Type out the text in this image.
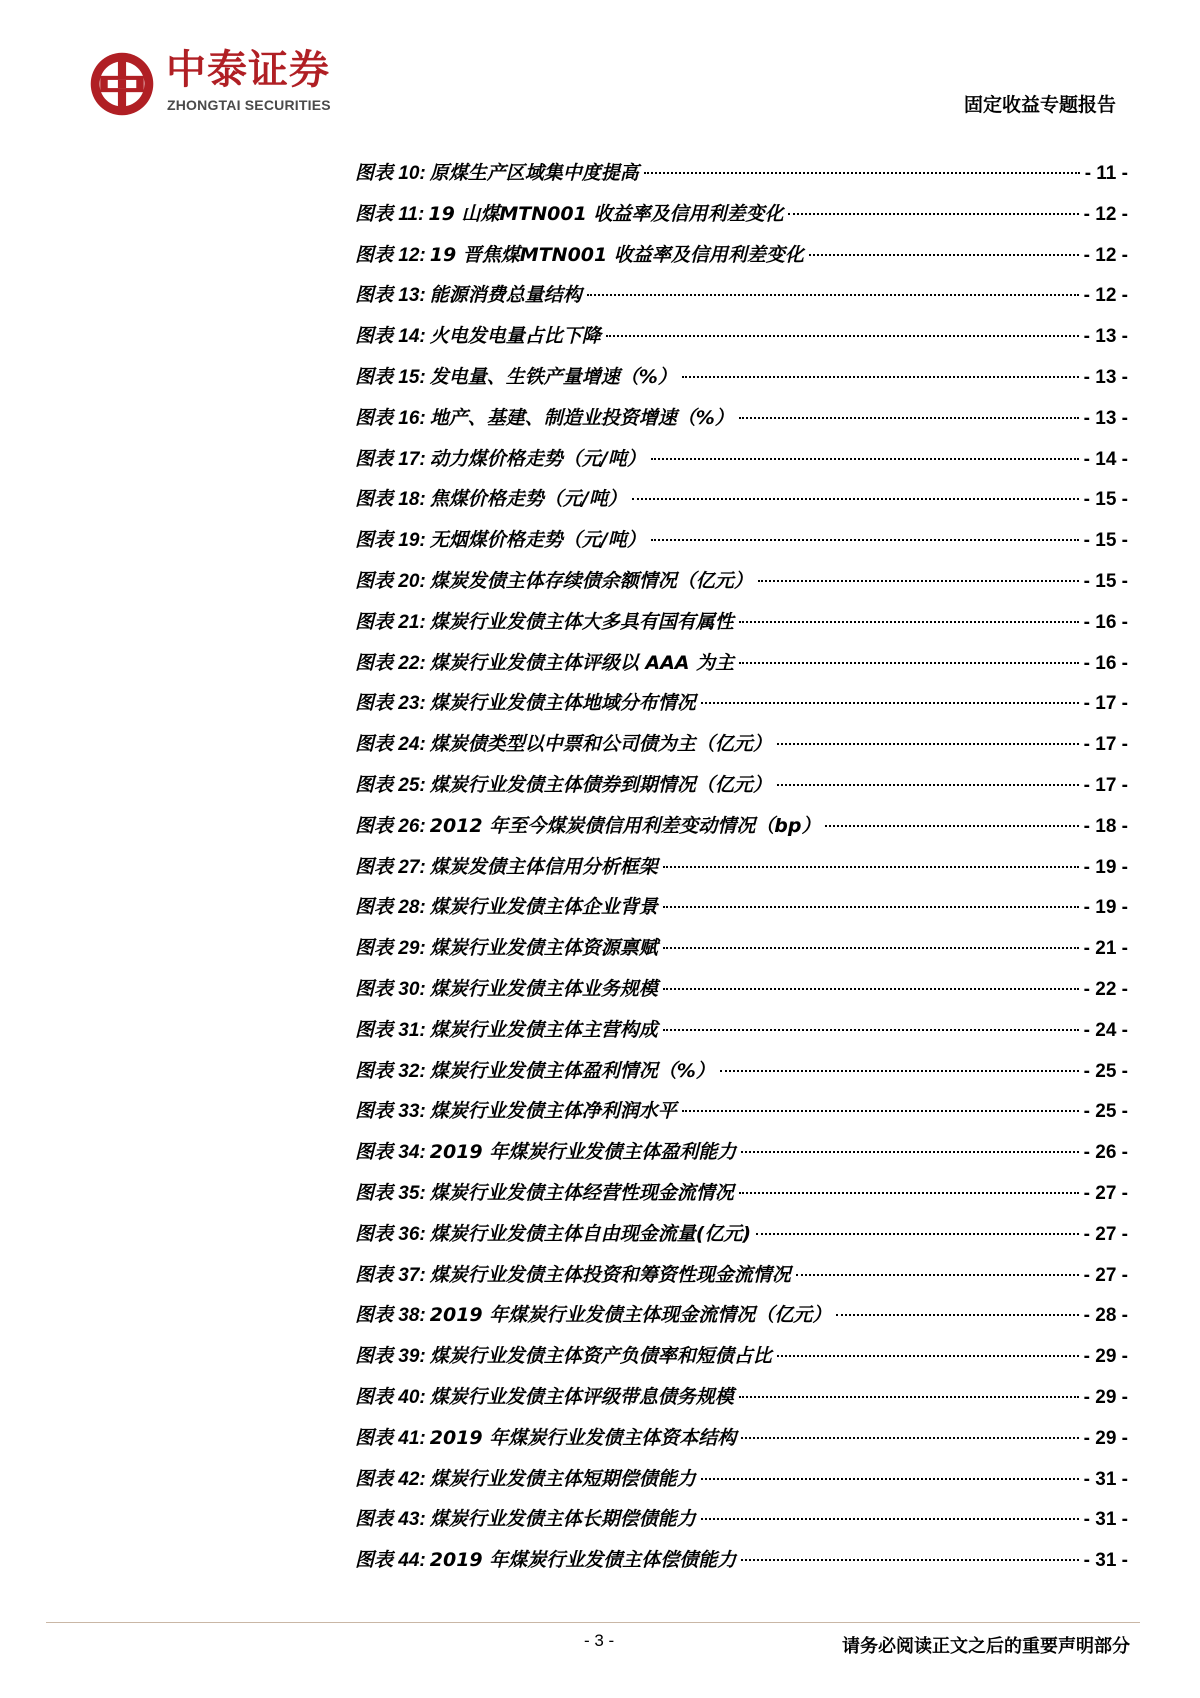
中泰证券
ZHONGTAI SECURITIES	固定收益专题报告
图表 10: 原煤生产区域集中度提高	- 11 -
图表 11: 19 山煤MTN001 收益率及信用利差变化	- 12 -
图表 12: 19 晋焦煤MTN001 收益率及信用利差变化	- 12 -
图表 13: 能源消费总量结构	- 12 -
图表 14: 火电发电量占比下降	- 13 -
图表 15: 发电量、生铁产量增速（%）	- 13 -
图表 16: 地产、基建、制造业投资增速（%）	- 13 -
图表 17: 动力煤价格走势（元/吨）	- 14 -
图表 18: 焦煤价格走势（元/吨）	- 15 -
图表 19: 无烟煤价格走势（元/吨）	- 15 -
图表 20: 煤炭发债主体存续债余额情况（亿元）	- 15 -
图表 21: 煤炭行业发债主体大多具有国有属性	- 16 -
图表 22: 煤炭行业发债主体评级以 AAA 为主	- 16 -
图表 23: 煤炭行业发债主体地域分布情况	- 17 -
图表 24: 煤炭债类型以中票和公司债为主（亿元）	- 17 -
图表 25: 煤炭行业发债主体债券到期情况（亿元）	- 17 -
图表 26: 2012 年至今煤炭债信用利差变动情况（bp）	- 18 -
图表 27: 煤炭发债主体信用分析框架	- 19 -
图表 28: 煤炭行业发债主体企业背景	- 19 -
图表 29: 煤炭行业发债主体资源禀赋	- 21 -
图表 30: 煤炭行业发债主体业务规模	- 22 -
图表 31: 煤炭行业发债主体主营构成	- 24 -
图表 32: 煤炭行业发债主体盈利情况（%）	- 25 -
图表 33: 煤炭行业发债主体净利润水平	- 25 -
图表 34: 2019 年煤炭行业发债主体盈利能力	- 26 -
图表 35: 煤炭行业发债主体经营性现金流情况	- 27 -
图表 36: 煤炭行业发债主体自由现金流量(亿元)	- 27 -
图表 37: 煤炭行业发债主体投资和筹资性现金流情况	- 27 -
图表 38: 2019 年煤炭行业发债主体现金流情况（亿元）	- 28 -
图表 39: 煤炭行业发债主体资产负债率和短债占比	- 29 -
图表 40: 煤炭行业发债主体评级带息债务规模	- 29 -
图表 41: 2019 年煤炭行业发债主体资本结构	- 29 -
图表 42: 煤炭行业发债主体短期偿债能力	- 31 -
图表 43: 煤炭行业发债主体长期偿债能力	- 31 -
图表 44: 2019 年煤炭行业发债主体偿债能力	- 31 -
- 3 -	请务必阅读正文之后的重要声明部分
